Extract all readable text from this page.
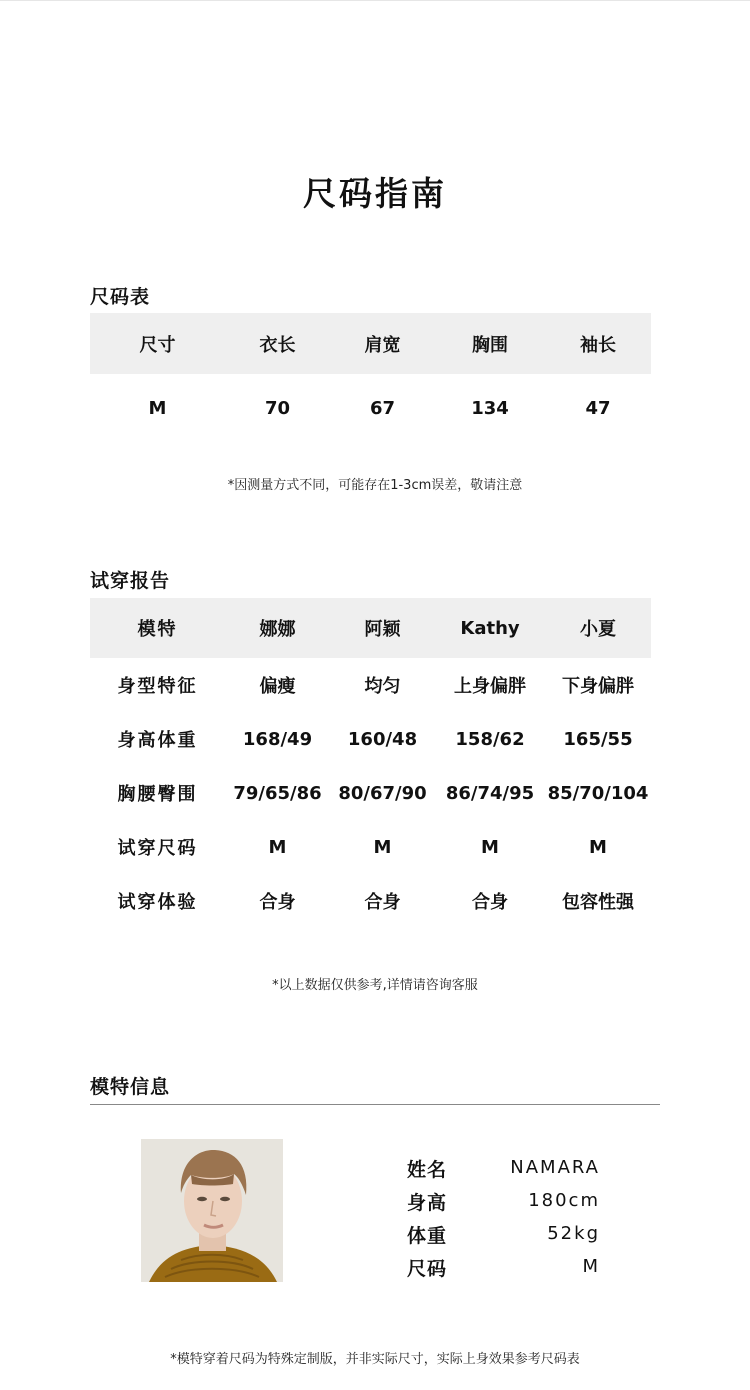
尺码指南
尺码表
尺寸	衣长	肩宽	胸围	袖长
M	70	67	134	47
*因测量方式不同，可能存在1-3cm误差，敬请注意
试穿报告
模特	娜娜	阿颖	Kathy	小夏
身型特征	偏瘦	均匀	上身偏胖	下身偏胖
身高体重	168/49	160/48	158/62	165/55
胸腰臀围	79/65/86	80/67/90	86/74/95	85/70/104
试穿尺码	M	M	M	M
试穿体验	合身	合身	合身	包容性强
*以上数据仅供参考,详情请咨询客服
模特信息
姓名	NAMARA
身高	180cm
体重	52kg
尺码	M
*模特穿着尺码为特殊定制版，并非实际尺寸，实际上身效果参考尺码表
